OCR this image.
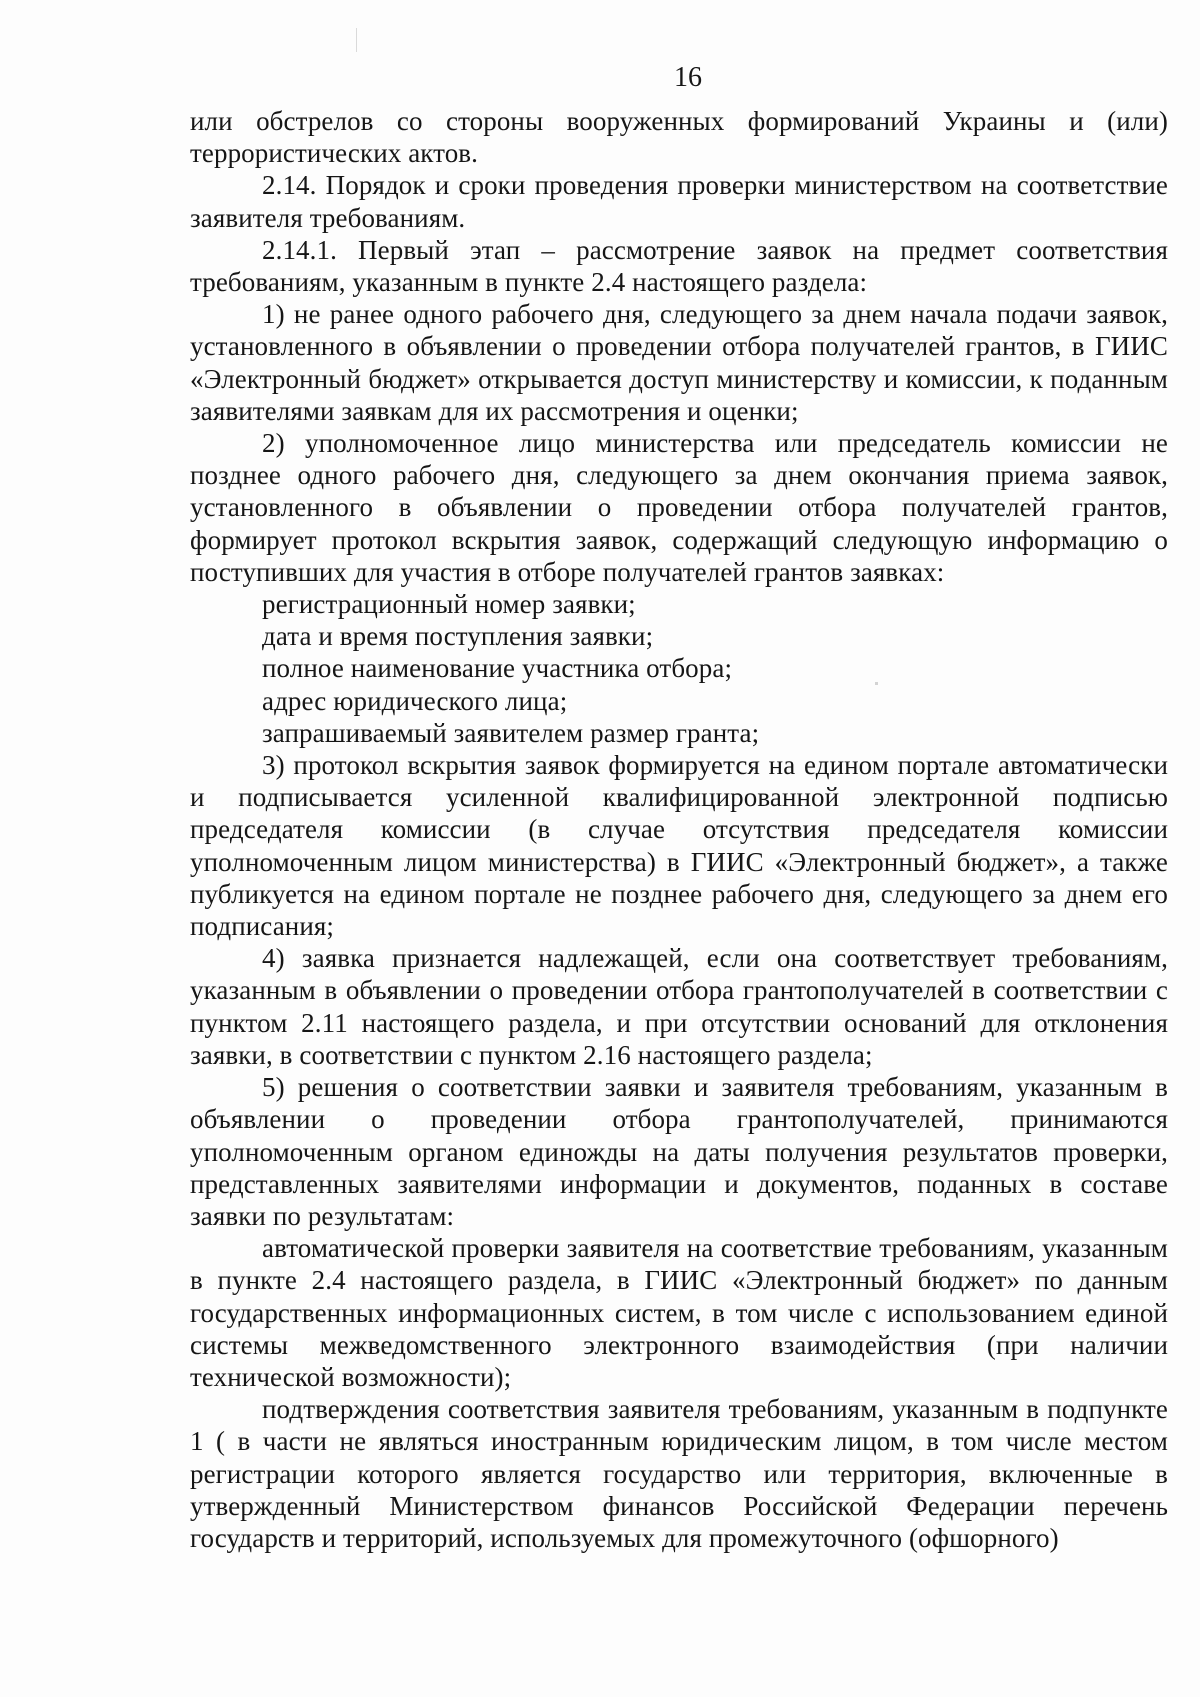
16

или обстрелов со стороны вооруженных формирований Украины и (или) террористических актов.

2.14. Порядок и сроки проведения проверки министерством на соответствие заявителя требованиям.

2.14.1. Первый этап – рассмотрение заявок на предмет соответствия требованиям, указанным в пункте 2.4 настоящего раздела:

1) не ранее одного рабочего дня, следующего за днем начала подачи заявок, установленного в объявлении о проведении отбора получателей грантов, в ГИИС «Электронный бюджет» открывается доступ министерству и комиссии, к поданным заявителями заявкам для их рассмотрения и оценки;

2) уполномоченное лицо министерства или председатель комиссии не позднее одного рабочего дня, следующего за днем окончания приема заявок, установленного в объявлении о проведении отбора получателей грантов, формирует протокол вскрытия заявок, содержащий следующую информацию о поступивших для участия в отборе получателей грантов заявках:

регистрационный номер заявки;

дата и время поступления заявки;

полное наименование участника отбора;

адрес юридического лица;

запрашиваемый заявителем размер гранта;

3) протокол вскрытия заявок формируется на едином портале автоматически и подписывается усиленной квалифицированной электронной подписью председателя комиссии (в случае отсутствия председателя комиссии уполномоченным лицом министерства) в ГИИС «Электронный бюджет», а также публикуется на едином портале не позднее рабочего дня, следующего за днем его подписания;

4) заявка признается надлежащей, если она соответствует требованиям, указанным в объявлении о проведении отбора грантополучателей в соответствии с пунктом 2.11 настоящего раздела, и при отсутствии оснований для отклонения заявки, в соответствии с пунктом 2.16 настоящего раздела;

5) решения о соответствии заявки и заявителя требованиям, указанным в объявлении о проведении отбора грантополучателей, принимаются уполномоченным органом единожды на даты получения результатов проверки, представленных заявителями информации и документов, поданных в составе заявки по результатам:

автоматической проверки заявителя на соответствие требованиям, указанным в пункте 2.4 настоящего раздела, в ГИИС «Электронный бюджет» по данным государственных информационных систем, в том числе с использованием единой системы межведомственного электронного взаимодействия (при наличии технической возможности);

подтверждения соответствия заявителя требованиям, указанным в подпункте 1 ( в части не являться иностранным юридическим лицом, в том числе местом регистрации которого является государство или территория, включенные в утвержденный Министерством финансов Российской Федерации перечень государств и территорий, используемых для промежуточного (офшорного)
